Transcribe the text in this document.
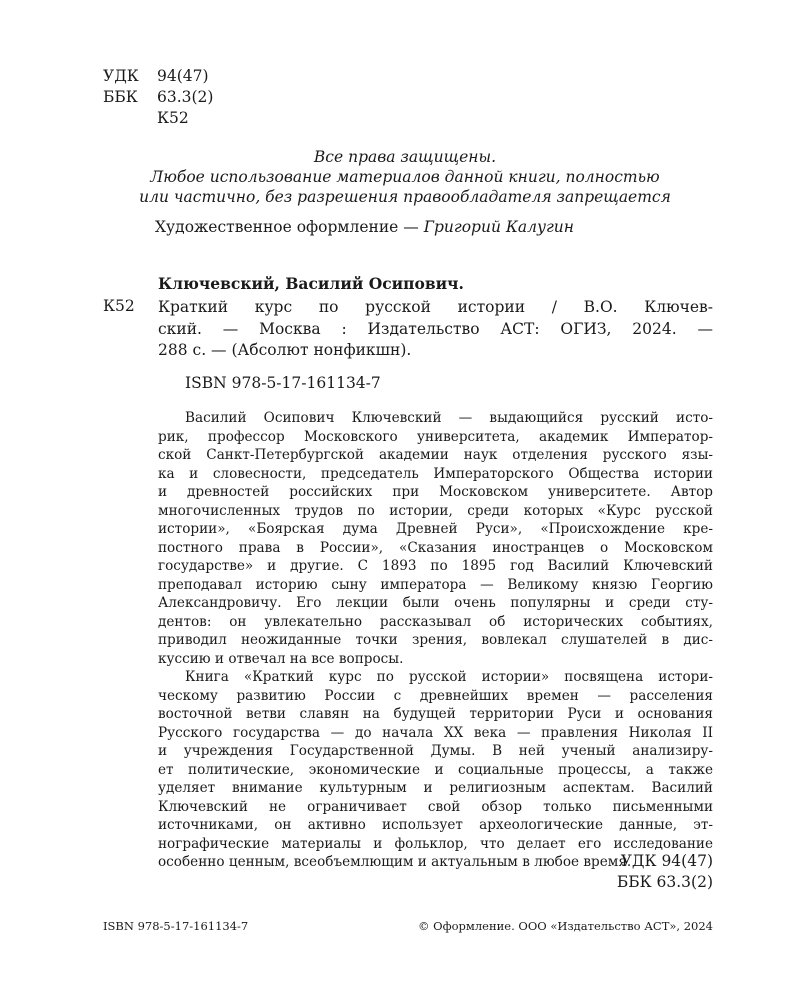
УДК 94(47)
ББК 63.3(2)
К52
Все права защищены.
Любое использование материалов данной книги, полностью
или частично, без разрешения правообладателя запрещается
Художественное оформление — Григорий Калугин
Ключевский, Василий Осипович.
К52 Краткий курс по русской истории / В.О. Ключев-
ский. — Москва : Издательство АСТ: ОГИЗ, 2024. —
288 с. — (Абсолют нонфикшн).
ISBN 978-5-17-161134-7
Василий Осипович Ключевский — выдающийся русский исто-
рик, профессор Московского университета, академик Император-
ской Санкт-Петербургской академии наук отделения русского язы-
ка и словесности, председатель Императорского Общества истории
и древностей российских при Московском университете. Автор
многочисленных трудов по истории, среди которых «Курс русской
истории», «Боярская дума Древней Руси», «Происхождение кре-
постного права в России», «Сказания иностранцев о Московском
государстве» и другие. С 1893 по 1895 год Василий Ключевский
преподавал историю сыну императора — Великому князю Георгию
Александровичу. Его лекции были очень популярны и среди сту-
дентов: он увлекательно рассказывал об исторических событиях,
приводил неожиданные точки зрения, вовлекал слушателей в дис-
куссию и отвечал на все вопросы.
Книга «Краткий курс по русской истории» посвящена истори-
ческому развитию России с древнейших времен — расселения
восточной ветви славян на будущей территории Руси и основания
Русского государства — до начала XX века — правления Николая II
и учреждения Государственной Думы. В ней ученый анализиру-
ет политические, экономические и социальные процессы, а также
уделяет внимание культурным и религиозным аспектам. Василий
Ключевский не ограничивает свой обзор только письменными
источниками, он активно использует археологические данные, эт-
нографические материалы и фольклор, что делает его исследование
особенно ценным, всеобъемлющим и актуальным в любое время.
УДК 94(47)
ББК 63.3(2)
ISBN 978-5-17-161134-7	© Оформление. ООО «Издательство АСТ», 2024
